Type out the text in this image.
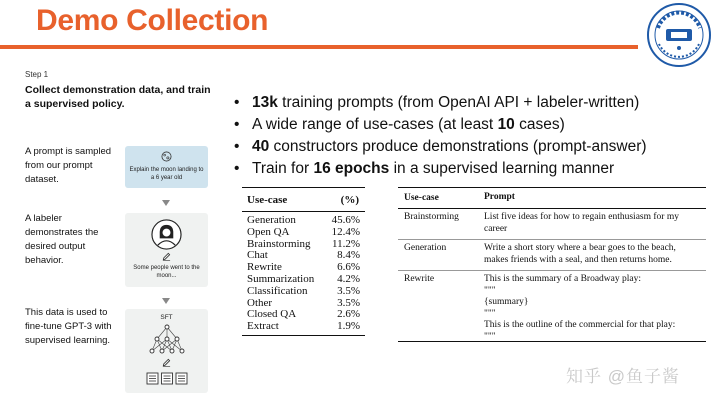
Demo Collection
Step 1
Collect demonstration data, and train a supervised policy.
A prompt is sampled from our prompt dataset.
A labeler demonstrates the desired output behavior.
This data is used to fine-tune GPT-3 with supervised learning.
Explain the moon landing to a 6 year old
Some people went to the moon...
SFT
• 13k training prompts (from OpenAI API + labeler-written)
• A wide range of use-cases (at least 10 cases)
• 40 constructors produce demonstrations (prompt-answer)
• Train for 16 epochs in a supervised learning manner
Use-case	(%)
Generation	45.6%
Open QA	12.4%
Brainstorming 11.2%
Chat	8.4%
Rewrite	6.6%
Summarization 4.2%
Classification	3.5%
Other	3.5%
Closed QA	2.6%
Extract	1.9%
Use-case	Prompt
Brainstorming	List five ideas for how to regain enthusiasm for my career
Generation	Write a short story where a bear goes to the beach, makes friends with a seal, and then returns home.
Rewrite	This is the summary of a Broadway play:
"""
{summary}
"""
This is the outline of the commercial for that play:
"""
知乎 @鱼子酱
